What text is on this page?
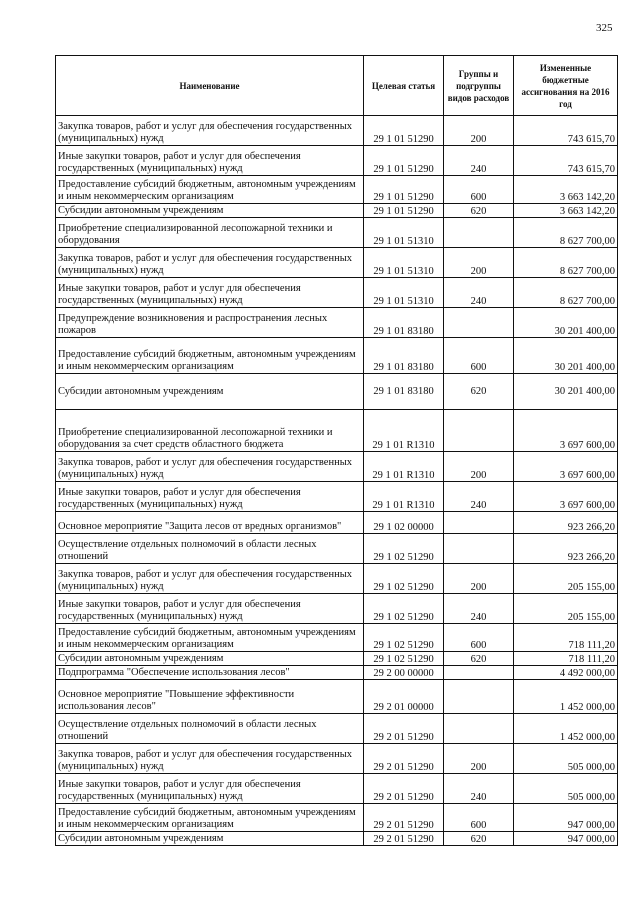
325
Наименование	Целевая статья	Группы и подгруппы видов расходов	Измененные бюджетные ассигнования на 2016 год
Закупка товаров, работ и услуг для обеспечения государственных (муниципальных) нужд	29 1 01 51290	200	743 615,70
Иные закупки товаров, работ и услуг для обеспечения государственных (муниципальных) нужд	29 1 01 51290	240	743 615,70
Предоставление субсидий бюджетным, автономным учреждениям и иным некоммерческим организациям	29 1 01 51290	600	3 663 142,20
Субсидии автономным учреждениям	29 1 01 51290	620	3 663 142,20
Приобретение специализированной лесопожарной техники и оборудования	29 1 01 51310		8 627 700,00
Закупка товаров, работ и услуг для обеспечения государственных (муниципальных) нужд	29 1 01 51310	200	8 627 700,00
Иные закупки товаров, работ и услуг для обеспечения государственных (муниципальных) нужд	29 1 01 51310	240	8 627 700,00
Предупреждение возникновения и распространения лесных пожаров	29 1 01 83180		30 201 400,00
Предоставление субсидий бюджетным, автономным учреждениям и иным некоммерческим организациям	29 1 01 83180	600	30 201 400,00
Субсидии автономным учреждениям	29 1 01 83180	620	30 201 400,00
Приобретение специализированной лесопожарной техники и оборудования за счет средств областного бюджета	29 1 01 R1310		3 697 600,00
Закупка товаров, работ и услуг для обеспечения государственных (муниципальных) нужд	29 1 01 R1310	200	3 697 600,00
Иные закупки товаров, работ и услуг для обеспечения государственных (муниципальных) нужд	29 1 01 R1310	240	3 697 600,00
Основное мероприятие "Защита лесов от вредных организмов"	29 1 02 00000		923 266,20
Осуществление отдельных полномочий в области лесных отношений	29 1 02 51290		923 266,20
Закупка товаров, работ и услуг для обеспечения государственных (муниципальных) нужд	29 1 02 51290	200	205 155,00
Иные закупки товаров, работ и услуг для обеспечения государственных (муниципальных) нужд	29 1 02 51290	240	205 155,00
Предоставление субсидий бюджетным, автономным учреждениям и иным некоммерческим организациям	29 1 02 51290	600	718 111,20
Субсидии автономным учреждениям	29 1 02 51290	620	718 111,20
Подпрограмма "Обеспечение использования лесов"	29 2 00 00000		4 492 000,00
Основное мероприятие "Повышение эффективности использования лесов"	29 2 01 00000		1 452 000,00
Осуществление отдельных полномочий в области лесных отношений	29 2 01 51290		1 452 000,00
Закупка товаров, работ и услуг для обеспечения государственных (муниципальных) нужд	29 2 01 51290	200	505 000,00
Иные закупки товаров, работ и услуг для обеспечения государственных (муниципальных) нужд	29 2 01 51290	240	505 000,00
Предоставление субсидий бюджетным, автономным учреждениям и иным некоммерческим организациям	29 2 01 51290	600	947 000,00
Субсидии автономным учреждениям	29 2 01 51290	620	947 000,00
